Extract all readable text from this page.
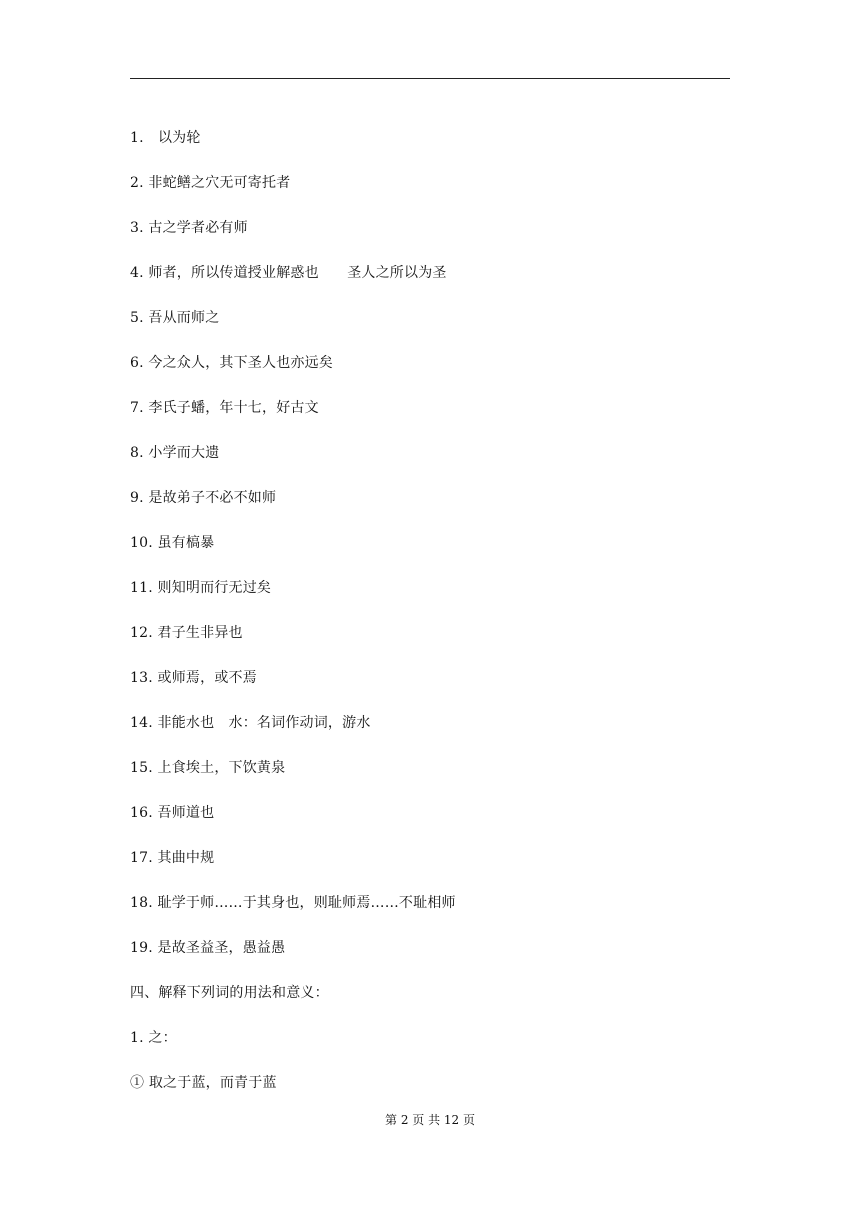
1.　以为轮
2. 非蛇鳝之穴无可寄托者
3. 古之学者必有师
4. 师者，所以传道授业解惑也　　圣人之所以为圣
5. 吾从而师之
6. 今之众人，其下圣人也亦远矣
7. 李氏子蟠，年十七，好古文
8. 小学而大遗
9. 是故弟子不必不如师
10. 虽有槁暴
11. 则知明而行无过矣
12. 君子生非异也
13. 或师焉，或不焉
14. 非能水也　水：名词作动词，游水
15. 上食埃土，下饮黄泉
16. 吾师道也
17. 其曲中规
18. 耻学于师……于其身也，则耻师焉……不耻相师
19. 是故圣益圣，愚益愚
四、解释下列词的用法和意义：
1. 之：
① 取之于蓝，而青于蓝
第 2 页 共 12 页
